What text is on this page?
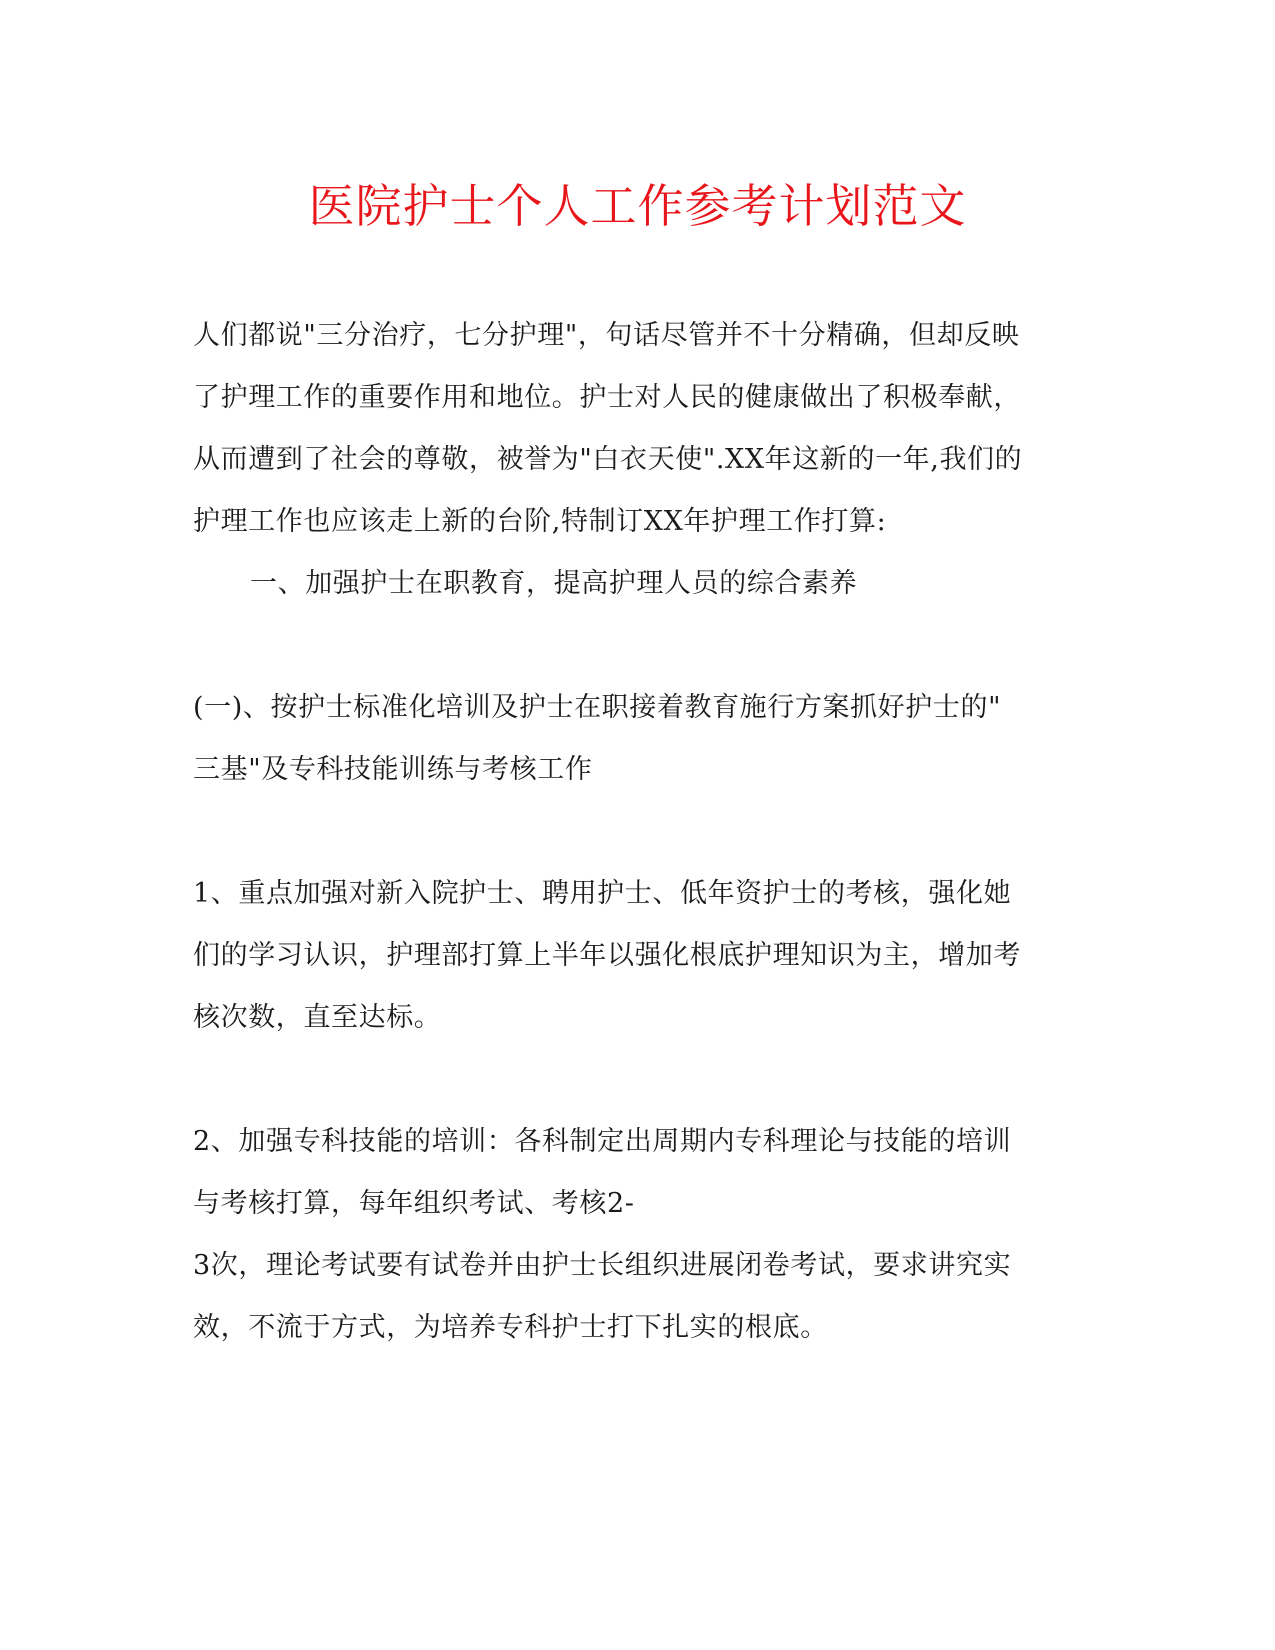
医院护士个人工作参考计划范文

人们都说"三分治疗，七分护理"，句话尽管并不十分精确，但却反映

了护理工作的重要作用和地位。护士对人民的健康做出了积极奉献，

从而遭到了社会的尊敬，被誉为"白衣天使".XX年这新的一年,我们的

护理工作也应该走上新的台阶,特制订XX年护理工作打算:

一、加强护士在职教育，提高护理人员的综合素养

(一)、按护士标准化培训及护士在职接着教育施行方案抓好护士的"

三基"及专科技能训练与考核工作

1、重点加强对新入院护士、聘用护士、低年资护士的考核，强化她

们的学习认识，护理部打算上半年以强化根底护理知识为主，增加考

核次数，直至达标。

2、加强专科技能的培训：各科制定出周期内专科理论与技能的培训

与考核打算，每年组织考试、考核2-

3次，理论考试要有试卷并由护士长组织进展闭卷考试，要求讲究实

效，不流于方式，为培养专科护士打下扎实的根底。
